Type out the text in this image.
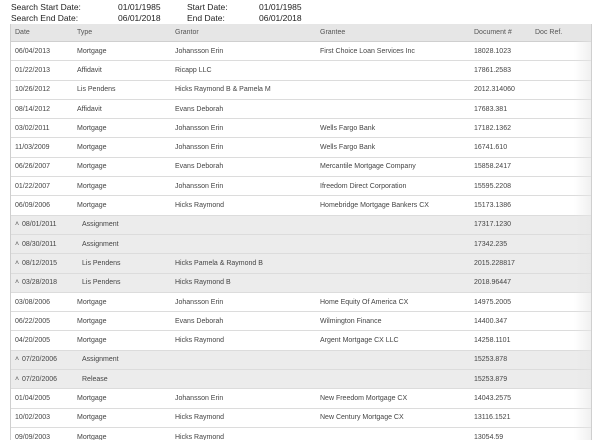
Search Start Date:	01/01/1985	Start Date:	01/01/1985
Search End Date:	06/01/2018	End Date:	06/01/2018
Date	Type	Grantor	Grantee	Document #	Doc Ref.
06/04/2013	Mortgage	Johansson Erin	First Choice Loan Services Inc	18028.1023	
01/22/2013	Affidavit	Ricapp LLC		17861.2583	
10/26/2012	Lis Pendens	Hicks Raymond B & Pamela M		2012.314060	
08/14/2012	Affidavit	Evans Deborah		17683.381	
03/02/2011	Mortgage	Johansson Erin	Wells Fargo Bank	17182.1362	
11/03/2009	Mortgage	Johansson Erin	Wells Fargo Bank	16741.610	
06/26/2007	Mortgage	Evans Deborah	Mercantile Mortgage Company	15858.2417	
01/22/2007	Mortgage	Johansson Erin	Ifreedom Direct Corporation	15595.2208	
06/09/2006	Mortgage	Hicks Raymond	Homebridge Mortgage Bankers CX	15173.1386	
˄ 08/01/2011	Assignment			17317.1230	
˄ 08/30/2011	Assignment			17342.235	
˄ 08/12/2015	Lis Pendens	Hicks Pamela & Raymond B		2015.228817	
˄ 03/28/2018	Lis Pendens	Hicks Raymond B		2018.96447	
03/08/2006	Mortgage	Johansson Erin	Home Equity Of America CX	14975.2005	
06/22/2005	Mortgage	Evans Deborah	Wilmington Finance	14400.347	
04/20/2005	Mortgage	Hicks Raymond	Argent Mortgage CX LLC	14258.1101	
˄ 07/20/2006	Assignment			15253.878	
˄ 07/20/2006	Release			15253.879	
01/04/2005	Mortgage	Johansson Erin	New Freedom Mortgage CX	14043.2575	
10/02/2003	Mortgage	Hicks Raymond	New Century Mortgage CX	13116.1521	
09/09/2003	Mortgage	Hicks Raymond		13054.59	
